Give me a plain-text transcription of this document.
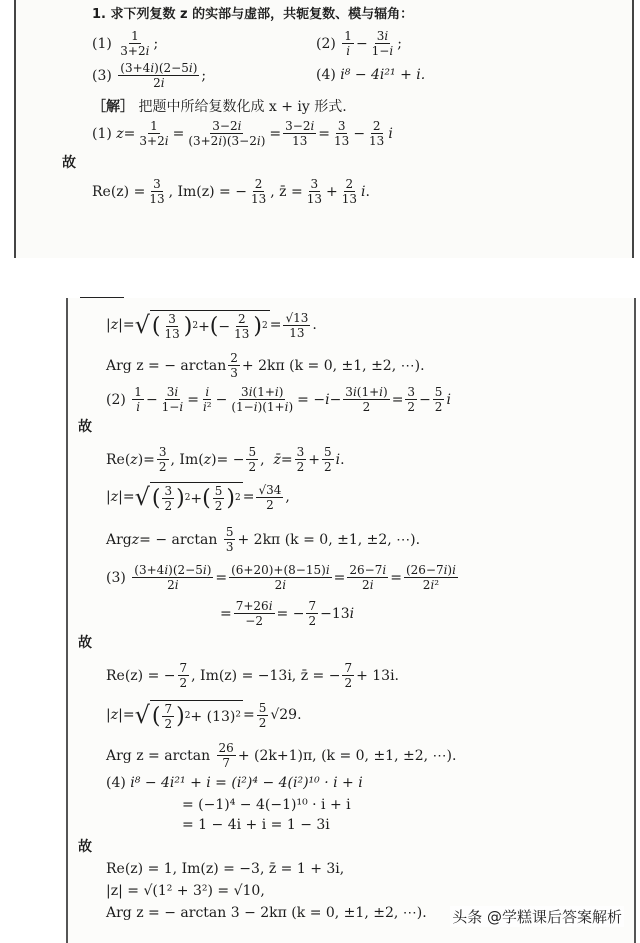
1.
求下列复数 z 的实部与虚部，共轭复数、模与辐角：
(1)
$\frac{1}{3+2i}$ ;	(2)
$\frac{1}{i} - \frac{3i}{1-i}$ ;
(3)
$\frac{(3+4i)(2-5i)}{2i}$ ;	(4)
i⁸ − 4i²¹ + i.
［解］
把题中所给复数化成 x + iy 形式.
(1) $z = \frac{1}{3+2i} = \frac{3-2i}{(3+2i)(3-2i)} = \frac{3-2i}{13} = \frac{3}{13} - \frac{2}{13}$ i
故
$Re(z) = \frac{3}{13}$ , Im(z) = − $\frac{2}{13}$ , z̄ = $\frac{3}{13} + \frac{2}{13}$ i .
| z |= √ ( $\frac{3}{13}$ ) 2 + ( − $\frac{2}{13}$ ) $2 = \frac{√13}{13}$ .
Arg z = − $\arctan \frac{2}{3} + 2k\pi$ (k = 0, ±1, ±2, ⋯).
(2)
$\frac{1}{i} - \frac{3i}{1-i} = \frac{i}{\text{i²}} - \frac{3i(1+i)}{(1-i)(1+i)}$ = − $i - \frac{3i(1+i)}{2} = \frac{3}{2} - \frac{5}{2}$ i
故
Re( z )= $\frac{3}{2}$ , Im( z )= − $\frac{5}{2}$ , z̄ = $\frac{3}{2} + \frac{5}{2}$ i .
| z |= √ ( $\frac{3}{2}$ ) 2 + ( $\frac{5}{2}$ ) $2 = \frac{√34}{2}$ ,
Arg z = − $\arctan \frac{5}{3} + 2k\pi$ (k = 0, ±1, ±2, ⋯).
(3)
$\frac{(3+4i)(2-5i)}{2i} = \frac{(6+20)+(8-15)i}{2i} = \frac{26-7i}{2i} = \frac{(26-7i)i}{\text{2i²}}$
= $\frac{7+26i}{-2}$ = − $\frac{7}{2} -13$ i
故
Re(z) = − $\frac{7}{2}$ , Im(z) = −13i, z̄ = − $\frac{7}{2} + 13i$.
| z |= √ ( $\frac{7}{2}$ ) $2 + (13)^2 = \frac{5}{2} √29$.
Arg z = arctan
$\frac{26}{7} + (2k+1)\pi$, (k = 0, ±1, ±2, ⋯).
(4)
i⁸ − 4i²¹ + i = (i²)⁴ − 4(i²)¹⁰ · i + i
= (−1)⁴ − 4(−1)¹⁰ · i + i
= 1 − 4i + i = 1 − 3i
故
Re(z) = 1, Im(z) = −3, z̄ = 1 + 3i,
|z| = √(1² + 3²) = √10,
Arg z = − arctan 3 − 2kπ (k = 0, ±1, ±2, ⋯). 头条 @学糕课后答案解析
